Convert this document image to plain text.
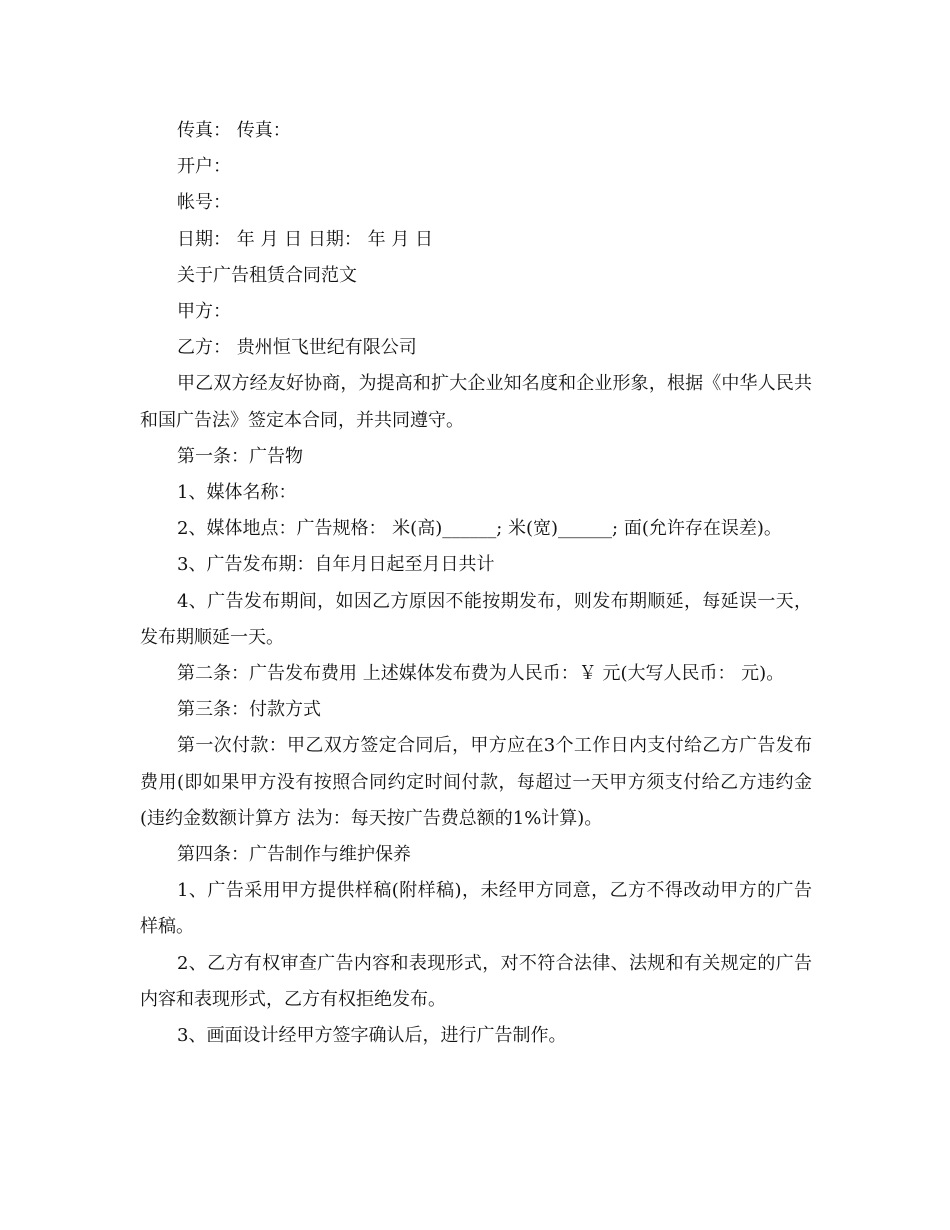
传真： 传真：

开户：

帐号：

日期： 年 月 日 日期： 年 月 日

关于广告租赁合同范文

甲方：

乙方： 贵州恒飞世纪有限公司

甲乙双方经友好协商，为提高和扩大企业知名度和企业形象，根据《中华人民共和国广告法》签定本合同，并共同遵守。

第一条：广告物

1、媒体名称：

2、媒体地点：广告规格： 米(高)______; 米(宽)______; 面(允许存在误差)。

3、广告发布期：自年月日起至月日共计

4、广告发布期间，如因乙方原因不能按期发布，则发布期顺延，每延误一天，发布期顺延一天。

第二条：广告发布费用 上述媒体发布费为人民币：￥ 元(大写人民币： 元)。

第三条：付款方式

第一次付款：甲乙双方签定合同后，甲方应在3个工作日内支付给乙方广告发布费用(即如果甲方没有按照合同约定时间付款，每超过一天甲方须支付给乙方违约金(违约金数额计算方 法为：每天按广告费总额的1%计算)。

第四条：广告制作与维护保养

1、广告采用甲方提供样稿(附样稿)，未经甲方同意，乙方不得改动甲方的广告样稿。

2、乙方有权审查广告内容和表现形式，对不符合法律、法规和有关规定的广告内容和表现形式，乙方有权拒绝发布。

3、画面设计经甲方签字确认后，进行广告制作。
